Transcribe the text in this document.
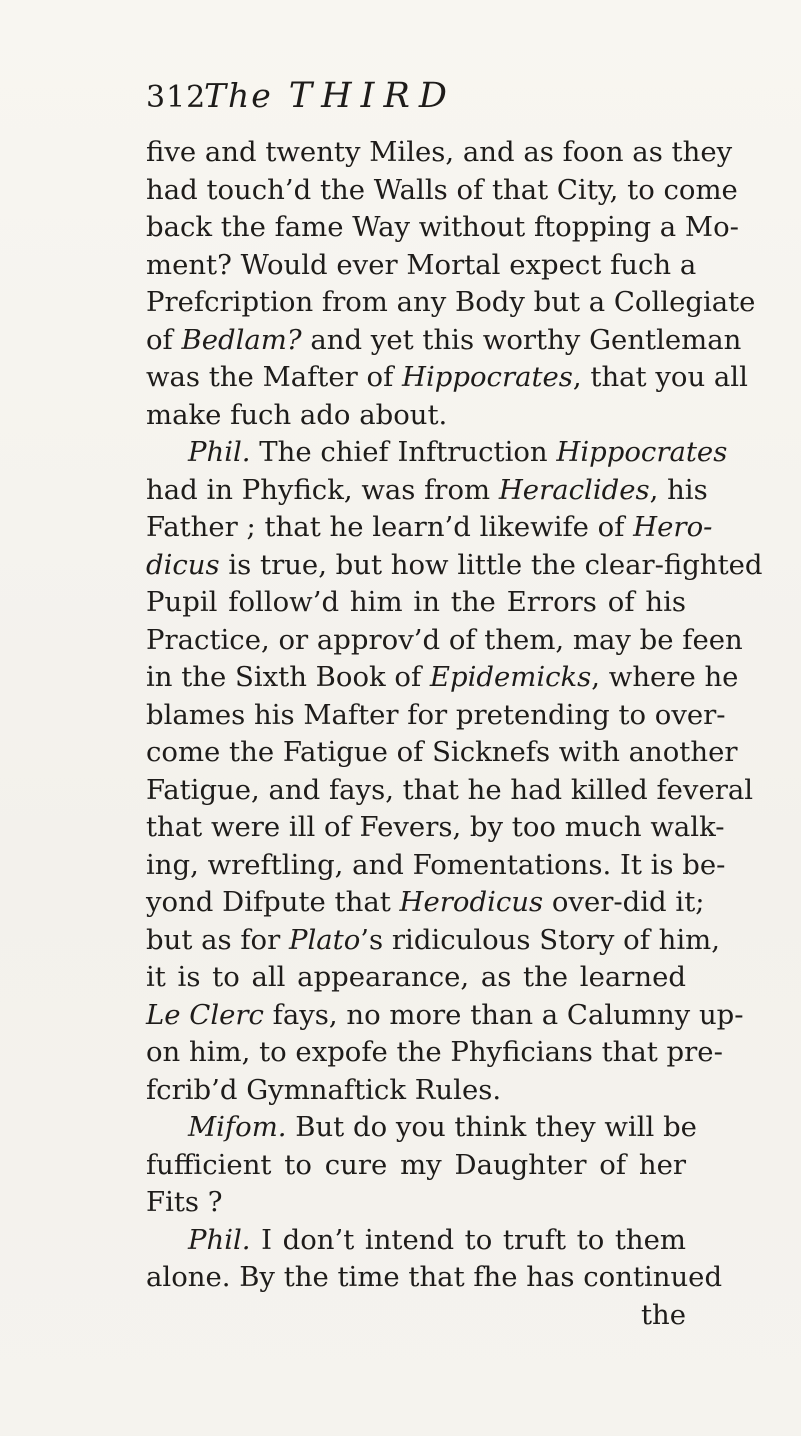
312
The THIRD
five and twenty Miles, and as foon as they
had touch’d the Walls of that City, to come
back the fame Way without ftopping a Mo-
ment? Would ever Mortal expect fuch a
Prefcription from any Body but a Collegiate
of Bedlam? and yet this worthy Gentleman
was the Mafter of Hippocrates, that you all
make fuch ado about.
Phil. The chief Inftruction Hippocrates
had in Phyfick, was from Heraclides, his
Father ; that he learn’d likewife of Hero-
dicus is true, but how little the clear-fighted
Pupil follow’d him in the Errors of his
Practice, or approv’d of them, may be feen
in the Sixth Book of Epidemicks, where he
blames his Mafter for pretending to over-
come the Fatigue of Sicknefs with another
Fatigue, and fays, that he had killed feveral
that were ill of Fevers, by too much walk-
ing, wreftling, and Fomentations. It is be-
yond Difpute that Herodicus over-did it;
but as for Plato’s ridiculous Story of him,
it is to all appearance, as the learned
Le Clerc fays, no more than a Calumny up-
on him, to expofe the Phyficians that pre-
fcrib’d Gymnaftick Rules.
Mifom. But do you think they will be
fufficient to cure my Daughter of her
Fits ?
Phil. I don’t intend to truft to them
alone. By the time that fhe has continued
the
